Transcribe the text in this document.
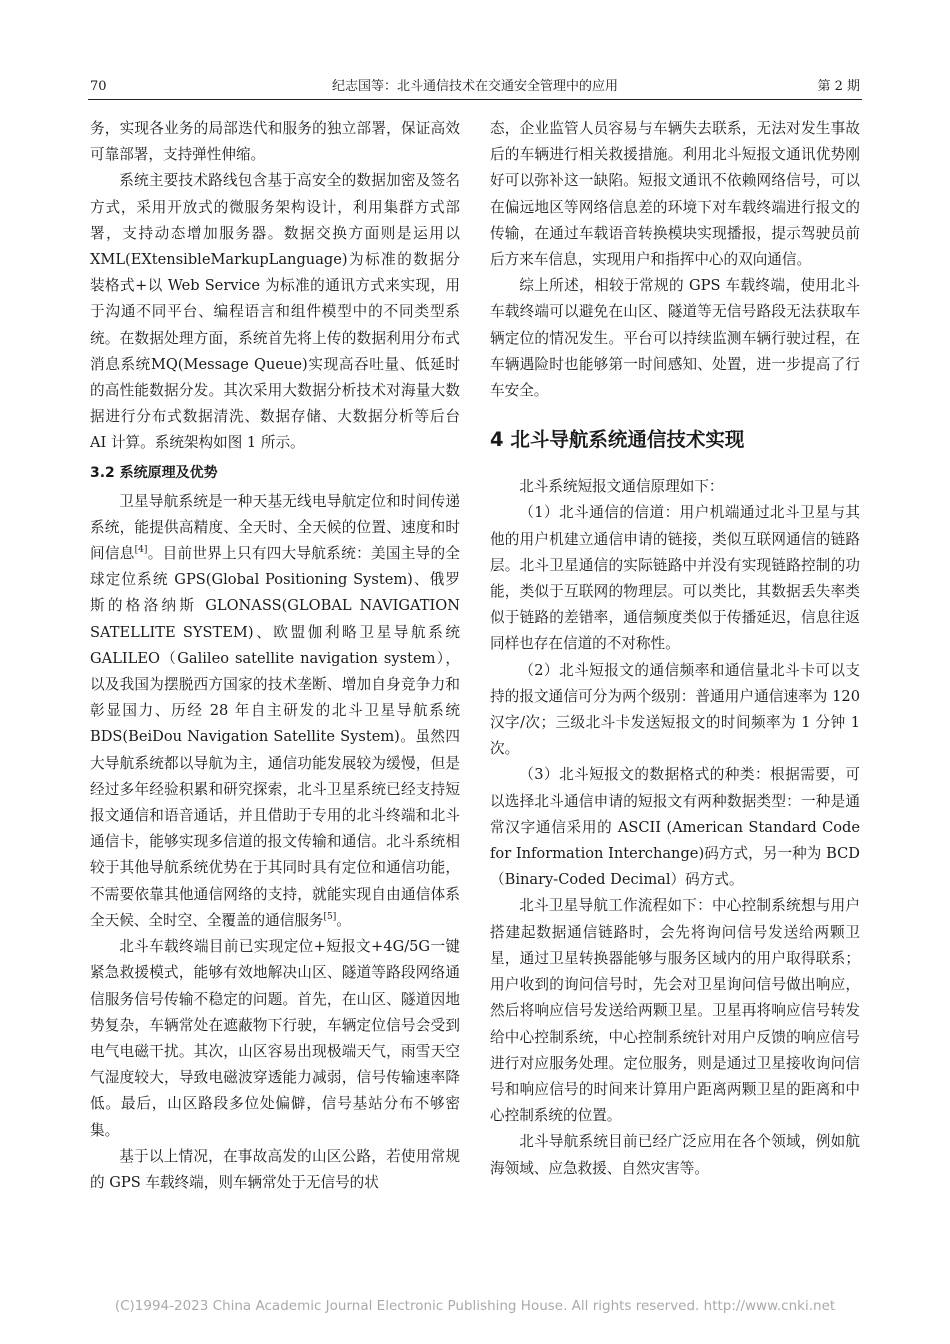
70	纪志国等：北斗通信技术在交通安全管理中的应用	第 2 期

务，实现各业务的局部迭代和服务的独立部署，保证高效可靠部署，支持弹性伸缩。

系统主要技术路线包含基于高安全的数据加密及签名方式，采用开放式的微服务架构设计，利用集群方式部署，支持动态增加服务器。数据交换方面则是运用以 XML(EXtensibleMarkupLanguage)为标准的数据分装格式+以 Web Service 为标准的通讯方式来实现，用于沟通不同平台、编程语言和组件模型中的不同类型系统。在数据处理方面，系统首先将上传的数据利用分布式消息系统MQ(Message Queue)实现高吞吐量、低延时的高性能数据分发。其次采用大数据分析技术对海量大数据进行分布式数据清洗、数据存储、大数据分析等后台 AI 计算。系统架构如图 1 所示。

3.2 系统原理及优势

卫星导航系统是一种天基无线电导航定位和时间传递系统，能提供高精度、全天时、全天候的位置、速度和时间信息[4]。目前世界上只有四大导航系统：美国主导的全球定位系统 GPS(Global Positioning System)、俄罗斯的格洛纳斯 GLONASS(GLOBAL NAVIGATION SATELLITE SYSTEM)、欧盟伽利略卫星导航系统 GALILEO（Galileo satellite navigation system），以及我国为摆脱西方国家的技术垄断、增加自身竞争力和彰显国力、历经 28 年自主研发的北斗卫星导航系统 BDS(BeiDou Navigation Satellite System)。虽然四大导航系统都以导航为主，通信功能发展较为缓慢，但是经过多年经验积累和研究探索，北斗卫星系统已经支持短报文通信和语音通话，并且借助于专用的北斗终端和北斗通信卡，能够实现多信道的报文传输和通信。北斗系统相较于其他导航系统优势在于其同时具有定位和通信功能，不需要依靠其他通信网络的支持，就能实现自由通信体系全天候、全时空、全覆盖的通信服务[5]。

北斗车载终端目前已实现定位+短报文+4G/5G一键紧急救援模式，能够有效地解决山区、隧道等路段网络通信服务信号传输不稳定的问题。首先，在山区、隧道因地势复杂，车辆常处在遮蔽物下行驶，车辆定位信号会受到电气电磁干扰。其次，山区容易出现极端天气，雨雪天空气湿度较大，导致电磁波穿透能力减弱，信号传输速率降低。最后，山区路段多位处偏僻，信号基站分布不够密集。

基于以上情况，在事故高发的山区公路，若使用常规的 GPS 车载终端，则车辆常处于无信号的状

态，企业监管人员容易与车辆失去联系，无法对发生事故后的车辆进行相关救援措施。利用北斗短报文通讯优势刚好可以弥补这一缺陷。短报文通讯不依赖网络信号，可以在偏远地区等网络信息差的环境下对车载终端进行报文的传输，在通过车载语音转换模块实现播报，提示驾驶员前后方来车信息，实现用户和指挥中心的双向通信。

综上所述，相较于常规的 GPS 车载终端，使用北斗车载终端可以避免在山区、隧道等无信号路段无法获取车辆定位的情况发生。平台可以持续监测车辆行驶过程，在车辆遇险时也能够第一时间感知、处置，进一步提高了行车安全。

4 北斗导航系统通信技术实现

北斗系统短报文通信原理如下：

（1）北斗通信的信道：用户机端通过北斗卫星与其他的用户机建立通信申请的链接，类似互联网通信的链路层。北斗卫星通信的实际链路中并没有实现链路控制的功能，类似于互联网的物理层。可以类比，其数据丢失率类似于链路的差错率，通信频度类似于传播延迟，信息往返同样也存在信道的不对称性。

（2）北斗短报文的通信频率和通信量北斗卡可以支持的报文通信可分为两个级别：普通用户通信速率为 120 汉字/次；三级北斗卡发送短报文的时间频率为 1 分钟 1 次。

（3）北斗短报文的数据格式的种类：根据需要，可以选择北斗通信申请的短报文有两种数据类型：一种是通常汉字通信采用的 ASCII (American Standard Code for Information Interchange)码方式，另一种为 BCD（Binary-Coded Decimal）码方式。

北斗卫星导航工作流程如下：中心控制系统想与用户搭建起数据通信链路时，会先将询问信号发送给两颗卫星，通过卫星转换器能够与服务区域内的用户取得联系；用户收到的询问信号时，先会对卫星询问信号做出响应，然后将响应信号发送给两颗卫星。卫星再将响应信号转发给中心控制系统，中心控制系统针对用户反馈的响应信号进行对应服务处理。定位服务，则是通过卫星接收询问信号和响应信号的时间来计算用户距离两颗卫星的距离和中心控制系统的位置。

北斗导航系统目前已经广泛应用在各个领域，例如航海领域、应急救援、自然灾害等。

(C)1994-2023 China Academic Journal Electronic Publishing House. All rights reserved. http://www.cnki.net
